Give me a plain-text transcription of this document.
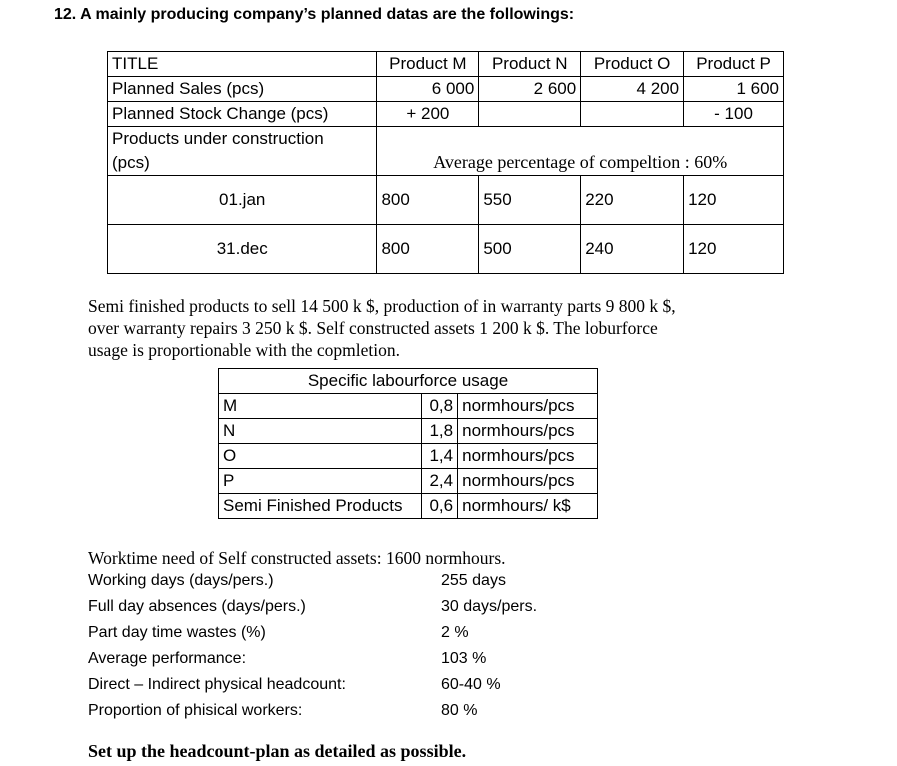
12. A mainly producing company’s planned datas are the followings:
TITLE	Product M	Product N	Product O	Product P
Planned Sales (pcs)	6 000	2 600	4 200	1 600
Planned Stock Change (pcs)	+ 200			- 100

Products under construction
(pcs)	Average percentage of compeltion : 60%			
01.jan	800	550	220	120
31.dec	800	500	240	120
Semi finished products to sell 14 500 k $, production of in warranty parts 9 800 k $,
over warranty repairs 3 250 k $. Self constructed assets 1 200 k $. The loburforce
usage is proportionable with the copmletion.
Specific labourforce usage		
M	0,8	normhours/pcs
N	1,8	normhours/pcs
O	1,4	normhours/pcs
P	2,4	normhours/pcs
Semi Finished Products	0,6	normhours/ k$
Worktime need of Self constructed assets: 1600 normhours.
Working days (days/pers.)	255 days
Full day absences (days/pers.)	30 days/pers.
Part day time wastes (%)	2 %
Average performance:	103 %
Direct – Indirect physical headcount:	60-40 %
Proportion of phisical workers:	80 %
Set up the headcount-plan as detailed as possible.
